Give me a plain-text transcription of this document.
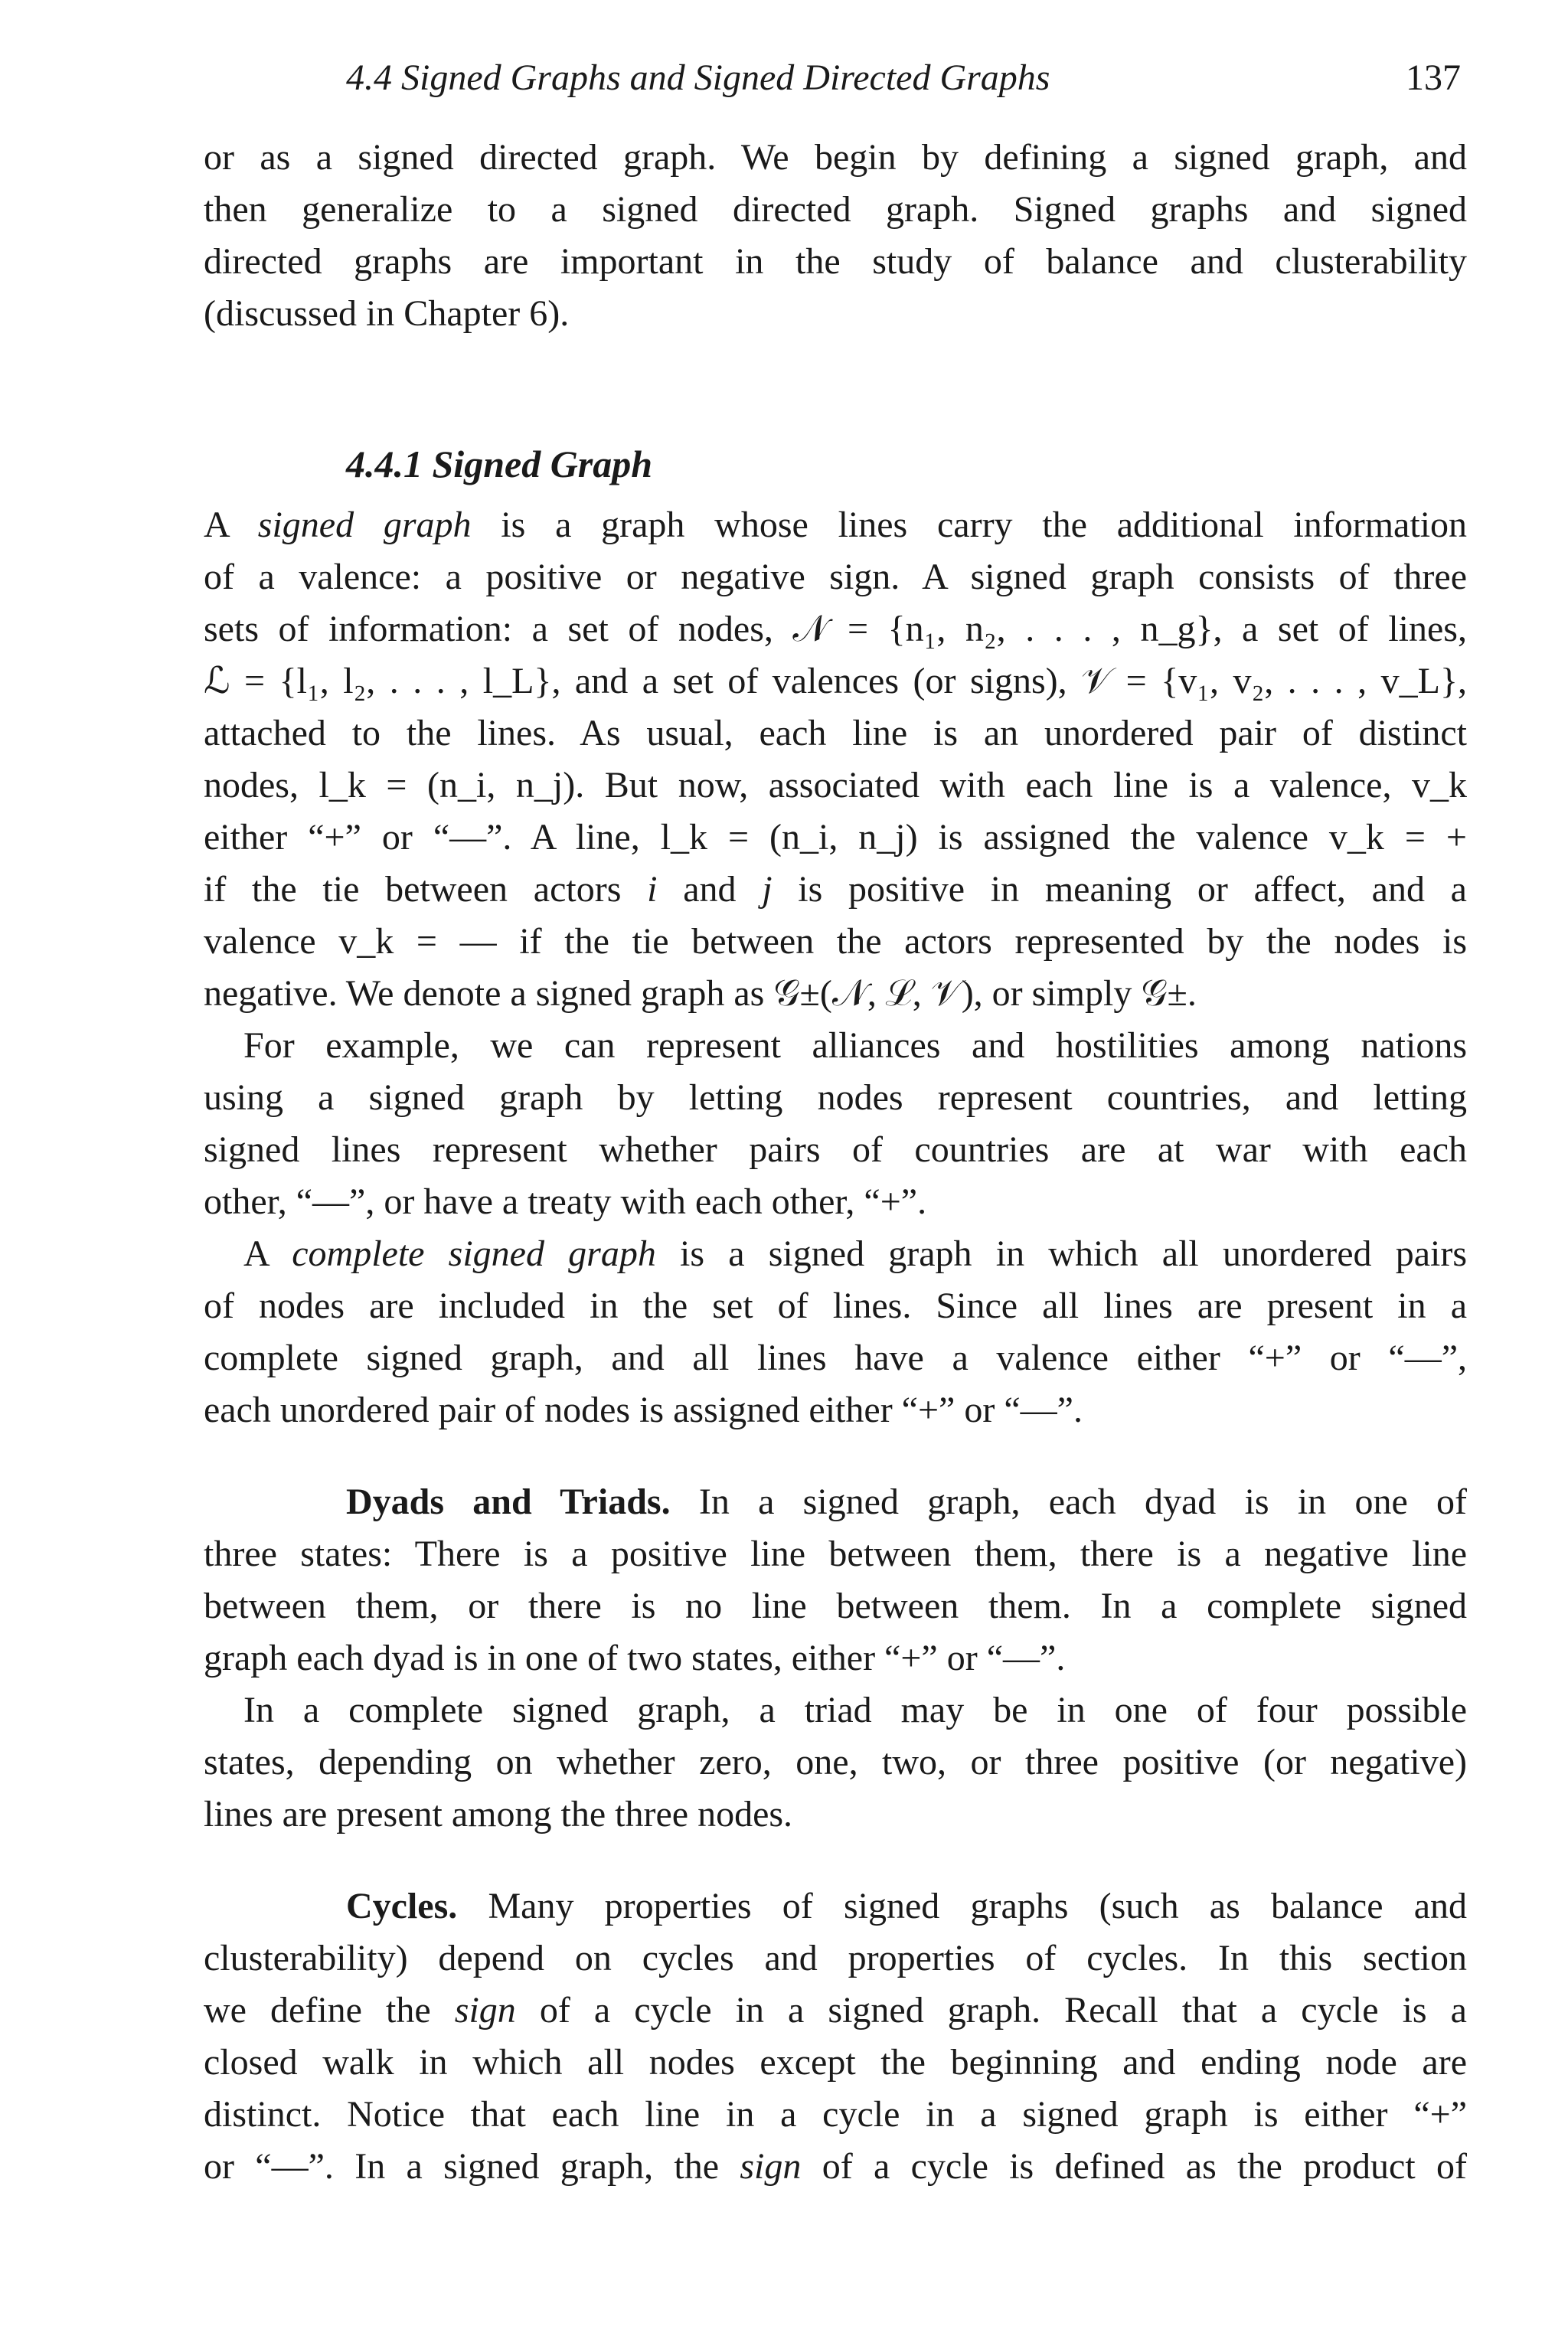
4.4 Signed Graphs and Signed Directed Graphs	137
or as a signed directed graph. We begin by defining a signed graph, and
then generalize to a signed directed graph. Signed graphs and signed
directed graphs are important in the study of balance and clusterability
(discussed in Chapter 6).
4.4.1 Signed Graph
A signed graph is a graph whose lines carry the additional information
of a valence: a positive or negative sign. A signed graph consists of three
sets of information: a set of nodes, 𝒩 = {n₁, n₂, . . . , n_g}, a set of lines,
ℒ = {l₁, l₂, . . . , l_L}, and a set of valences (or signs), 𝒱 = {v₁, v₂, . . . , v_L},
attached to the lines. As usual, each line is an unordered pair of distinct
nodes, l_k = (n_i, n_j). But now, associated with each line is a valence, v_k
either “+” or “—”. A line, l_k = (n_i, n_j) is assigned the valence v_k = +
if the tie between actors i and j is positive in meaning or affect, and a
valence v_k = — if the tie between the actors represented by the nodes is
negative. We denote a signed graph as 𝒢±(𝒩, ℒ, 𝒱), or simply 𝒢±.
For example, we can represent alliances and hostilities among nations
using a signed graph by letting nodes represent countries, and letting
signed lines represent whether pairs of countries are at war with each
other, “—”, or have a treaty with each other, “+”.
A complete signed graph is a signed graph in which all unordered pairs
of nodes are included in the set of lines. Since all lines are present in a
complete signed graph, and all lines have a valence either “+” or “—”,
each unordered pair of nodes is assigned either “+” or “—”.
Dyads and Triads. In a signed graph, each dyad is in one of
three states: There is a positive line between them, there is a negative line
between them, or there is no line between them. In a complete signed
graph each dyad is in one of two states, either “+” or “—”.
In a complete signed graph, a triad may be in one of four possible
states, depending on whether zero, one, two, or three positive (or negative)
lines are present among the three nodes.
Cycles. Many properties of signed graphs (such as balance and
clusterability) depend on cycles and properties of cycles. In this section
we define the sign of a cycle in a signed graph. Recall that a cycle is a
closed walk in which all nodes except the beginning and ending node are
distinct. Notice that each line in a cycle in a signed graph is either “+”
or “—”. In a signed graph, the sign of a cycle is defined as the product of
